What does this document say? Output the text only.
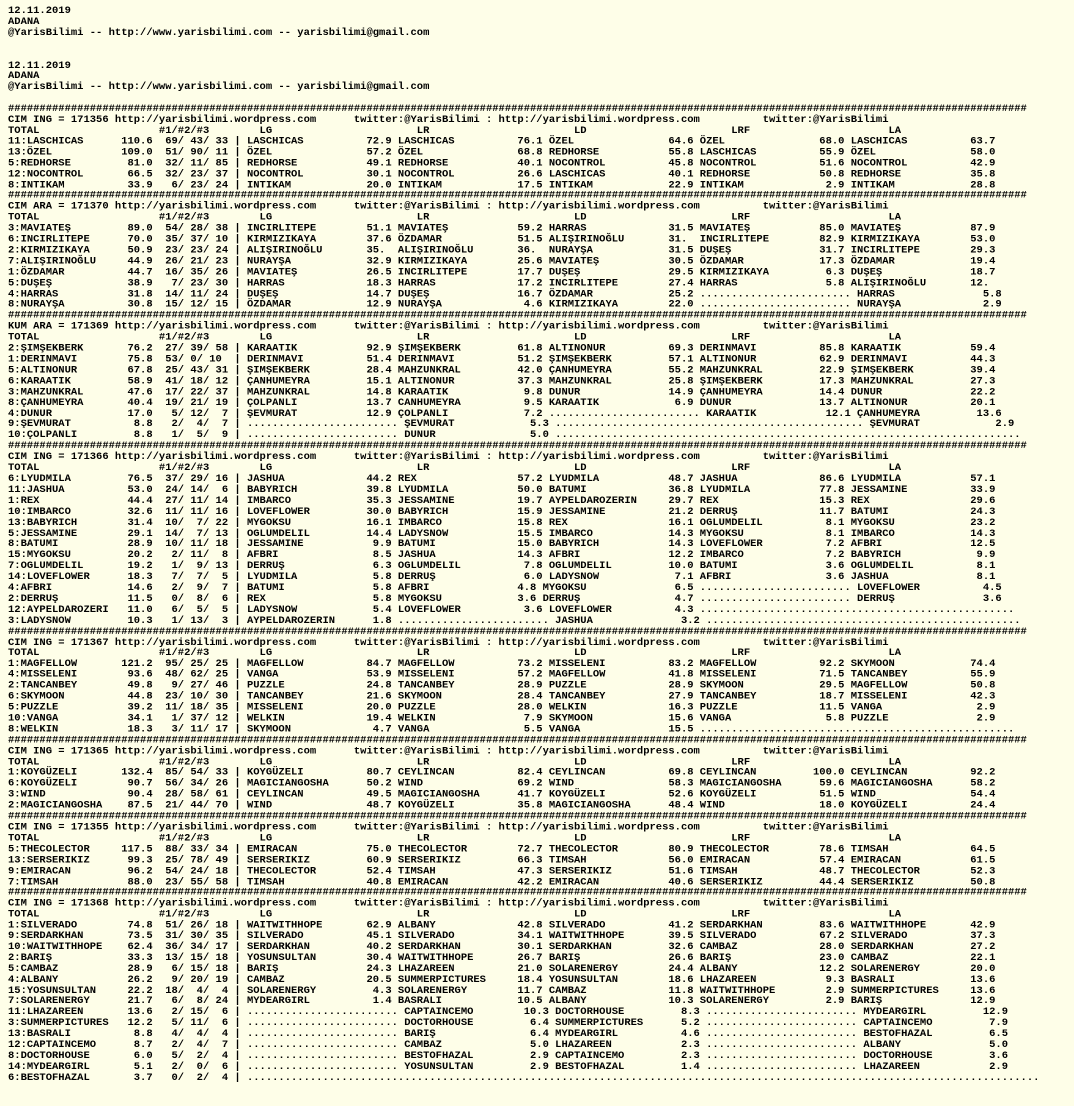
12.11.2019
ADANA
@YarisBilimi -- http://www.yarisbilimi.com -- yarisbilimi@gmail.com

12.11.2019
ADANA
@YarisBilimi -- http://www.yarisbilimi.com -- yarisbilimi@gmail.com

##################################################################################################################################################################
CIM ING = 171356 http://yarisbilimi.wordpress.com      twitter:@YarisBilimi : http://yarisbilimi.wordpress.com          twitter:@YarisBilimi
TOTAL                   #1/#2/#3        LG                       LR                       LD                       LRF                      LA
11:LASCHICAS      110.6  69/ 43/ 33 | LASCHICAS          72.9 LASCHICAS          76.1 ÖZEL               64.6 ÖZEL               68.0 LASCHICAS          63.7
13:ÖZEL           109.0  51/ 90/ 11 | ÖZEL               57.2 ÖZEL               68.8 REDHORSE           55.8 LASCHICAS          55.9 ÖZEL               58.0
5:REDHORSE         81.0  32/ 11/ 85 | REDHORSE           49.1 REDHORSE           40.1 NOCONTROL          45.8 NOCONTROL          51.6 NOCONTROL          42.9
12:NOCONTROL       66.5  32/ 23/ 37 | NOCONTROL          30.1 NOCONTROL          26.6 LASCHICAS          40.1 REDHORSE           50.8 REDHORSE           35.8
8:INTIKAM          33.9   6/ 23/ 24 | INTIKAM            20.0 INTIKAM            17.5 INTIKAM            22.9 INTIKAM             2.9 INTIKAM            28.8
##################################################################################################################################################################
CIM ARA = 171370 http://yarisbilimi.wordpress.com      twitter:@YarisBilimi : http://yarisbilimi.wordpress.com          twitter:@YarisBilimi
TOTAL                   #1/#2/#3        LG                       LR                       LD                       LRF                      LA
3:MAVIATEŞ         89.0  54/ 28/ 38 | INCIRLITEPE        51.1 MAVIATEŞ           59.2 HARRAS             31.5 MAVIATEŞ           85.0 MAVIATEŞ           87.9
6:INCIRLITEPE      70.0  35/ 37/ 10 | KIRMIZIKAYA        37.6 ÖZDAMAR            51.5 ALIŞIRINOĞLU       31.  INCIRLITEPE        82.9 KIRMIZIKAYA        53.0
2:KIRMIZIKAYA      50.9  23/ 23/ 24 | ALIŞIRINOĞLU       35.  ALIŞIRINOĞLU       36.  NURAYŞA            31.5 DUŞEŞ              31.7 INCIRLITEPE        29.3
7:ALIŞIRINOĞLU     44.9  26/ 21/ 23 | NURAYŞA            32.9 KIRMIZIKAYA        25.6 MAVIATEŞ           30.5 ÖZDAMAR            17.3 ÖZDAMAR            19.4
1:ÖZDAMAR          44.7  16/ 35/ 26 | MAVIATEŞ           26.5 INCIRLITEPE        17.7 DUŞEŞ              29.5 KIRMIZIKAYA         6.3 DUŞEŞ              18.7
5:DUŞEŞ            38.9   7/ 23/ 30 | HARRAS             18.3 HARRAS             17.2 INCIRLITEPE        27.4 HARRAS              5.8 ALIŞIRINOĞLU       12.
4:HARRAS           31.8  14/ 11/ 24 | DUŞEŞ              14.7 DUŞEŞ              16.7 ÖZDAMAR            25.2 ........................ HARRAS              5.8
8:NURAYŞA          30.8  15/ 12/ 15 | ÖZDAMAR            12.9 NURAYŞA             4.6 KIRMIZIKAYA        22.0 ........................ NURAYŞA             2.9
##################################################################################################################################################################
KUM ARA = 171369 http://yarisbilimi.wordpress.com      twitter:@YarisBilimi : http://yarisbilimi.wordpress.com          twitter:@YarisBilimi
TOTAL                   #1/#2/#3        LG                       LR                       LD                       LRF                      LA
2:ŞIMŞEKBERK       76.2  27/ 39/ 58 | KARAATIK           92.9 ŞIMŞEKBERK         61.8 ALTINONUR          69.3 DERINMAVI          85.8 KARAATIK           59.4
1:DERINMAVI        75.8  53/ 0/ 10  | DERINMAVI          51.4 DERINMAVI          51.2 ŞIMŞEKBERK         57.1 ALTINONUR          62.9 DERINMAVI          44.3
5:ALTINONUR        67.8  25/ 43/ 31 | ŞIMŞEKBERK         28.4 MAHZUNKRAL         42.0 ÇANHUMEYRA         55.2 MAHZUNKRAL         22.9 ŞIMŞEKBERK         39.4
6:KARAATIK         58.9  41/ 18/ 12 | ÇANHUMEYRA         15.1 ALTINONUR          37.3 MAHZUNKRAL         25.8 ŞIMŞEKBERK         17.3 MAHZUNKRAL         27.3
3:MAHZUNKRAL       47.6  17/ 22/ 37 | MAHZUNKRAL         14.8 KARAATIK            9.8 DUNUR              14.9 ÇANHUMEYRA         14.4 DUNUR              22.2
8:ÇANHUMEYRA       40.4  19/ 21/ 19 | ÇOLPANLI           13.7 CANHUMEYRA          9.5 KARAATIK            6.9 DUNUR              13.7 ALTINONUR          20.1
4:DUNUR            17.0   5/ 12/  7 | ŞEVMURAT           12.9 ÇOLPANLI            7.2 ........................ KARAATIK           12.1 ÇANHUMEYRA         13.6
9:ŞEVMURAT          8.8   2/  4/  7 | ........................ ŞEVMURAT            5.3 ................................................. ŞEVMURAT            2.9
10:ÇOLPANLI         8.8   1/  5/  9 | ........................ DUNUR               5.0 ..........................................................................
##################################################################################################################################################################
CIM ING = 171366 http://yarisbilimi.wordpress.com      twitter:@YarisBilimi : http://yarisbilimi.wordpress.com          twitter:@YarisBilimi
TOTAL                   #1/#2/#3        LG                       LR                       LD                       LRF                      LA
6:LYUDMILA         76.5  37/ 29/ 16 | JASHUA             44.2 REX                57.2 LYUDMILA           48.7 JASHUA             86.6 LYUDMILA           57.1
11:JASHUA          53.0  24/ 14/  6 | BABYRICH           39.8 LYUDMILA           50.0 BATUMI             36.8 LYUDMILA           77.8 JESSAMINE          33.9
1:REX              44.4  27/ 11/ 14 | IMBARCO            35.3 JESSAMINE          19.7 AYPELDAROZERIN     29.7 REX                15.3 REX                29.6
10:IMBARCO         32.6  11/ 11/ 16 | LOVEFLOWER         30.0 BABYRICH           15.9 JESSAMINE          21.2 DERRUŞ             11.7 BATUMI             24.3
13:BABYRICH        31.4  10/  7/ 22 | MYGOKSU            16.1 IMBARCO            15.8 REX                16.1 OGLUMDELIL          8.1 MYGOKSU            23.2
5:JESSAMINE        29.1  14/  7/ 13 | OGLUMDELIL         14.4 LADYSNOW           15.5 IMBARCO            14.3 MYGOKSU             8.1 IMBARCO            14.3
8:BATUMI           28.9  10/ 11/ 18 | JESSAMINE           9.9 BATUMI             15.0 BABYRICH           14.3 LOVEFLOWER          7.2 AFBRI              12.5
15:MYGOKSU         20.2   2/ 11/  8 | AFBRI               8.5 JASHUA             14.3 AFBRI              12.2 IMBARCO             7.2 BABYRICH            9.9
7:OGLUMDELIL       19.2   1/  9/ 13 | DERRUŞ              6.3 OGLUMDELIL          7.8 OGLUMDELIL         10.0 BATUMI              3.6 OGLUMDELIL          8.1
14:LOVEFLOWER      18.3   7/  7/  5 | LYUDMILA            5.8 DERRUŞ              6.0 LADYSNOW            7.1 AFBRI               3.6 JASHUA              8.1
4:AFBRI            14.6   2/  9/  7 | BATUMI              5.8 AFBRI              4.8 MYGOKSU              6.5 ........................ LOVEFLOWER          4.5
2:DERRUŞ           11.5   0/  8/  6 | REX                 5.8 MYGOKSU            3.6 DERRUŞ               4.7 ........................ DERRUŞ              3.6
12:AYPELDAROZERI   11.0   6/  5/  5 | LADYSNOW            5.4 LOVEFLOWER          3.6 LOVEFLOWER          4.3 ..................................................
3:LADYSNOW         10.3   1/ 13/  3 | AYPELDAROZERIN      1.8 ........................ JASHUA              3.2 ..................................................
##################################################################################################################################################################
CIM ING = 171367 http://yarisbilimi.wordpress.com      twitter:@YarisBilimi : http://yarisbilimi.wordpress.com          twitter:@YarisBilimi
TOTAL                   #1/#2/#3        LG                       LR                       LD                       LRF                      LA
1:MAGFELLOW       121.2  95/ 25/ 25 | MAGFELLOW          84.7 MAGFELLOW          73.2 MISSELENI          83.2 MAGFELLOW          92.2 SKYMOON            74.4
4:MISSELENI        93.6  48/ 62/ 25 | VANGA              53.9 MISSELENI          57.2 MAGFELLOW          41.8 MISSELENI          71.5 TANCANBEY          55.9
2:TANCANBEY        49.8   9/ 27/ 46 | PUZZLE             24.8 TANCANBEY          28.9 PUZZLE             28.9 SKYMOON            29.5 MAGFELLOW          50.8
6:SKYMOON          44.8  23/ 10/ 30 | TANCANBEY          21.6 SKYMOON            28.4 TANCANBEY          27.9 TANCANBEY          18.7 MISSELENI          42.3
5:PUZZLE           39.2  11/ 18/ 35 | MISSELENI          20.0 PUZZLE             28.0 WELKIN             16.3 PUZZLE             11.5 VANGA               2.9
10:VANGA           34.1   1/ 37/ 12 | WELKIN             19.4 WELKIN              7.9 SKYMOON            15.6 VANGA               5.8 PUZZLE              2.9
8:WELKIN           18.3   3/ 11/ 17 | SKYMOON             4.7 VANGA               5.5 VANGA              15.5 ..................................................
##################################################################################################################################################################
CIM ING = 171365 http://yarisbilimi.wordpress.com      twitter:@YarisBilimi : http://yarisbilimi.wordpress.com          twitter:@YarisBilimi
TOTAL                   #1/#2/#3        LG                       LR                       LD                       LRF                      LA
1:KOYGÜZELI       132.4  85/ 54/ 33 | KOYGÜZELI          80.7 CEYLINCAN          82.4 CEYLINCAN          69.8 CEYLINCAN         100.0 CEYLINCAN          92.2
6:KOYGÜZELI        90.7  56/ 34/ 26 | MAGICIANGOSHA      50.2 WIND               69.2 WIND               58.3 MAGICIANGOSHA      59.6 MAGICIANGOSHA      58.2
3:WIND             90.4  28/ 58/ 61 | CEYLINCAN          49.5 MAGICIANGOSHA      41.7 KOYGÜZELI          52.6 KOYGÜZELI          51.5 WIND               54.4
2:MAGICIANGOSHA    87.5  21/ 44/ 70 | WIND               48.7 KOYGÜZELI          35.8 MAGICIANGOSHA      48.4 WIND               18.0 KOYGÜZELI          24.4
##################################################################################################################################################################
CIM ING = 171355 http://yarisbilimi.wordpress.com      twitter:@YarisBilimi : http://yarisbilimi.wordpress.com          twitter:@YarisBilimi
TOTAL                   #1/#2/#3        LG                       LR                       LD                       LRF                      LA
5:THECOLECTOR     117.5  88/ 33/ 34 | EMIRACAN           75.0 THECOLECTOR        72.7 THECOLECTOR        80.9 THECOLECTOR        78.6 TIMSAH             64.5
13:SERSERIKIZ      99.3  25/ 78/ 49 | SERSERIKIZ         60.9 SERSERIKIZ         66.3 TIMSAH             56.0 EMIRACAN           57.4 EMIRACAN           61.5
9:EMIRACAN         96.2  54/ 24/ 18 | THECOLECTOR        52.4 TIMSAH             47.3 SERSERIKIZ         51.6 TIMSAH             48.7 THECOLECTOR        52.3
7:TIMSAH           88.0  23/ 55/ 58 | TIMSAH             40.8 EMIRACAN           42.2 EMIRACAN           40.6 SERSERIKIZ         44.4 SERSERIKIZ         50.8
##################################################################################################################################################################
CIM ING = 171368 http://yarisbilimi.wordpress.com      twitter:@YarisBilimi : http://yarisbilimi.wordpress.com          twitter:@YarisBilimi
TOTAL                   #1/#2/#3        LG                       LR                       LD                       LRF                      LA
1:SILVERADO        74.8  51/ 26/ 18 | WAITWITHHOPE       62.9 ALBANY             42.8 SILVERADO          41.2 SERDARKHAN         83.6 WAITWITHHOPE       42.9
9:SERDARKHAN       73.5  31/ 30/ 35 | SILVERADO          45.1 SILVERADO          34.1 WAITWITHHOPE       39.5 SILVERADO          67.2 SILVERADO          37.3
10:WAITWITHHOPE    62.4  36/ 34/ 17 | SERDARKHAN         40.2 SERDARKHAN         30.1 SERDARKHAN         32.6 CAMBAZ             28.0 SERDARKHAN         27.2
2:BARIŞ            33.3  13/ 15/ 18 | YOSUNSULTAN        30.4 WAITWITHHOPE       26.7 BARIŞ              26.6 BARIŞ              23.0 CAMBAZ             22.1
5:CAMBAZ           28.9   6/ 15/ 18 | BARIŞ              24.3 LHAZAREEN          21.0 SOLARENERGY        24.4 ALBANY             12.2 SOLARENERGY        20.0
4:ALBANY           26.2   9/ 20/ 19 | CAMBAZ             20.5 SUMMERPICTURES     18.4 YOSUNSULTAN        18.6 LHAZAREEN           9.3 BASRALI            13.6
15:YOSUNSULTAN     22.2  18/  4/  4 | SOLARENERGY         4.3 SOLARENERGY        11.7 CAMBAZ             11.8 WAITWITHHOPE        2.9 SUMMERPICTURES     13.6
7:SOLARENERGY      21.7   6/  8/ 24 | MYDEARGIRL          1.4 BASRALI            10.5 ALBANY             10.3 SOLARENERGY         2.9 BARIŞ              12.9
11:LHAZAREEN       13.6   2/ 15/  6 | ........................ CAPTAINCEMO        10.3 DOCTORHOUSE         8.3 ........................ MYDEARGIRL         12.9
3:SUMMERPICTURES   12.2   5/ 11/  6 | ........................ DOCTORHOUSE         6.4 SUMMERPICTURES      5.2 ........................ CAPTAINCEMO         7.9
13:BASRALI          8.8   4/  4/  4 | ........................ BARIŞ               6.4 MYDEARGIRL          4.6 ........................ BESTOFHAZAL         6.5
12:CAPTAINCEMO      8.7   2/  4/  7 | ........................ CAMBAZ              5.0 LHAZAREEN           2.3 ........................ ALBANY              5.0
8:DOCTORHOUSE       6.0   5/  2/  4 | ........................ BESTOFHAZAL         2.9 CAPTAINCEMO         2.3 ........................ DOCTORHOUSE         3.6
14:MYDEARGIRL       5.1   2/  0/  6 | ........................ YOSUNSULTAN         2.9 BESTOFHAZAL         1.4 ........................ LHAZAREEN           2.9
6:BESTOFHAZAL       3.7   0/  2/  4 | ..............................................................................................................................
